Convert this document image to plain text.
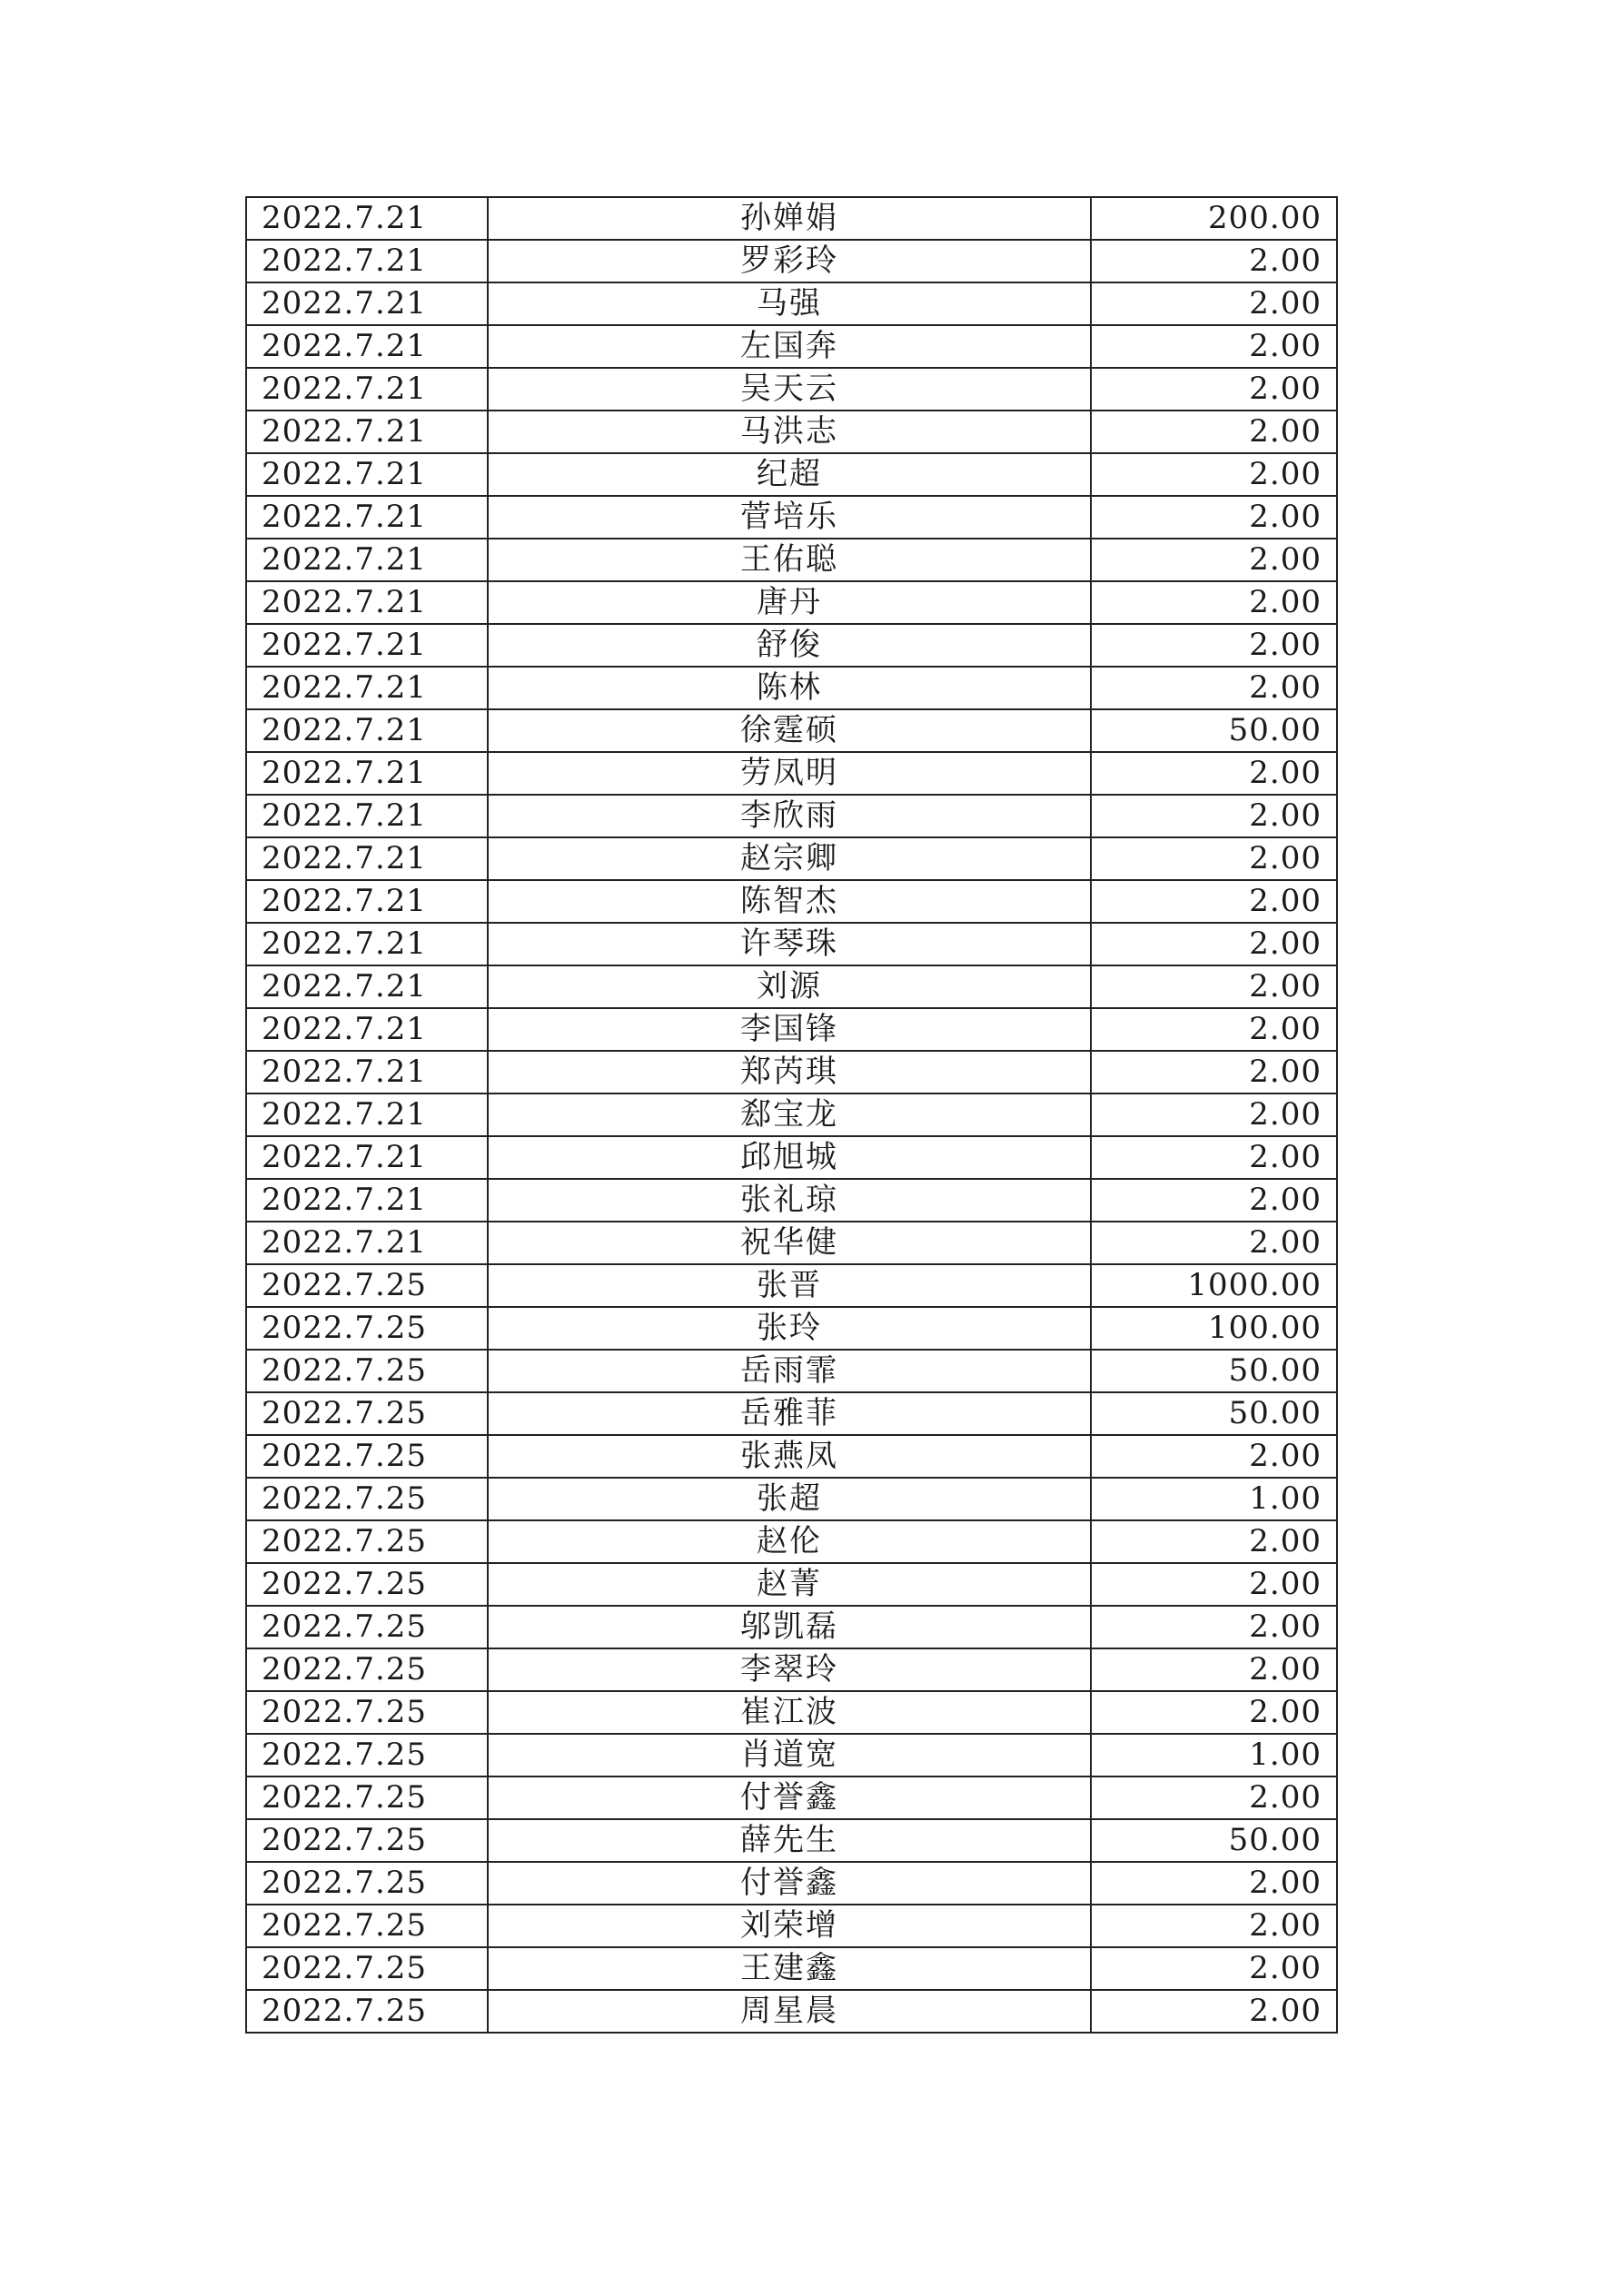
2022.7.21	孙婵娟	200.00
2022.7.21	罗彩玲	2.00
2022.7.21	马强	2.00
2022.7.21	左国奔	2.00
2022.7.21	吴天云	2.00
2022.7.21	马洪志	2.00
2022.7.21	纪超	2.00
2022.7.21	菅培乐	2.00
2022.7.21	王佑聪	2.00
2022.7.21	唐丹	2.00
2022.7.21	舒俊	2.00
2022.7.21	陈林	2.00
2022.7.21	徐霆硕	50.00
2022.7.21	劳凤明	2.00
2022.7.21	李欣雨	2.00
2022.7.21	赵宗卿	2.00
2022.7.21	陈智杰	2.00
2022.7.21	许琴珠	2.00
2022.7.21	刘源	2.00
2022.7.21	李国锋	2.00
2022.7.21	郑芮琪	2.00
2022.7.21	郄宝龙	2.00
2022.7.21	邱旭城	2.00
2022.7.21	张礼琼	2.00
2022.7.21	祝华健	2.00
2022.7.25	张晋	1000.00
2022.7.25	张玲	100.00
2022.7.25	岳雨霏	50.00
2022.7.25	岳雅菲	50.00
2022.7.25	张燕凤	2.00
2022.7.25	张超	1.00
2022.7.25	赵伦	2.00
2022.7.25	赵菁	2.00
2022.7.25	邬凯磊	2.00
2022.7.25	李翠玲	2.00
2022.7.25	崔江波	2.00
2022.7.25	肖道宽	1.00
2022.7.25	付誉鑫	2.00
2022.7.25	薛先生	50.00
2022.7.25	付誉鑫	2.00
2022.7.25	刘荣增	2.00
2022.7.25	王建鑫	2.00
2022.7.25	周星晨	2.00
